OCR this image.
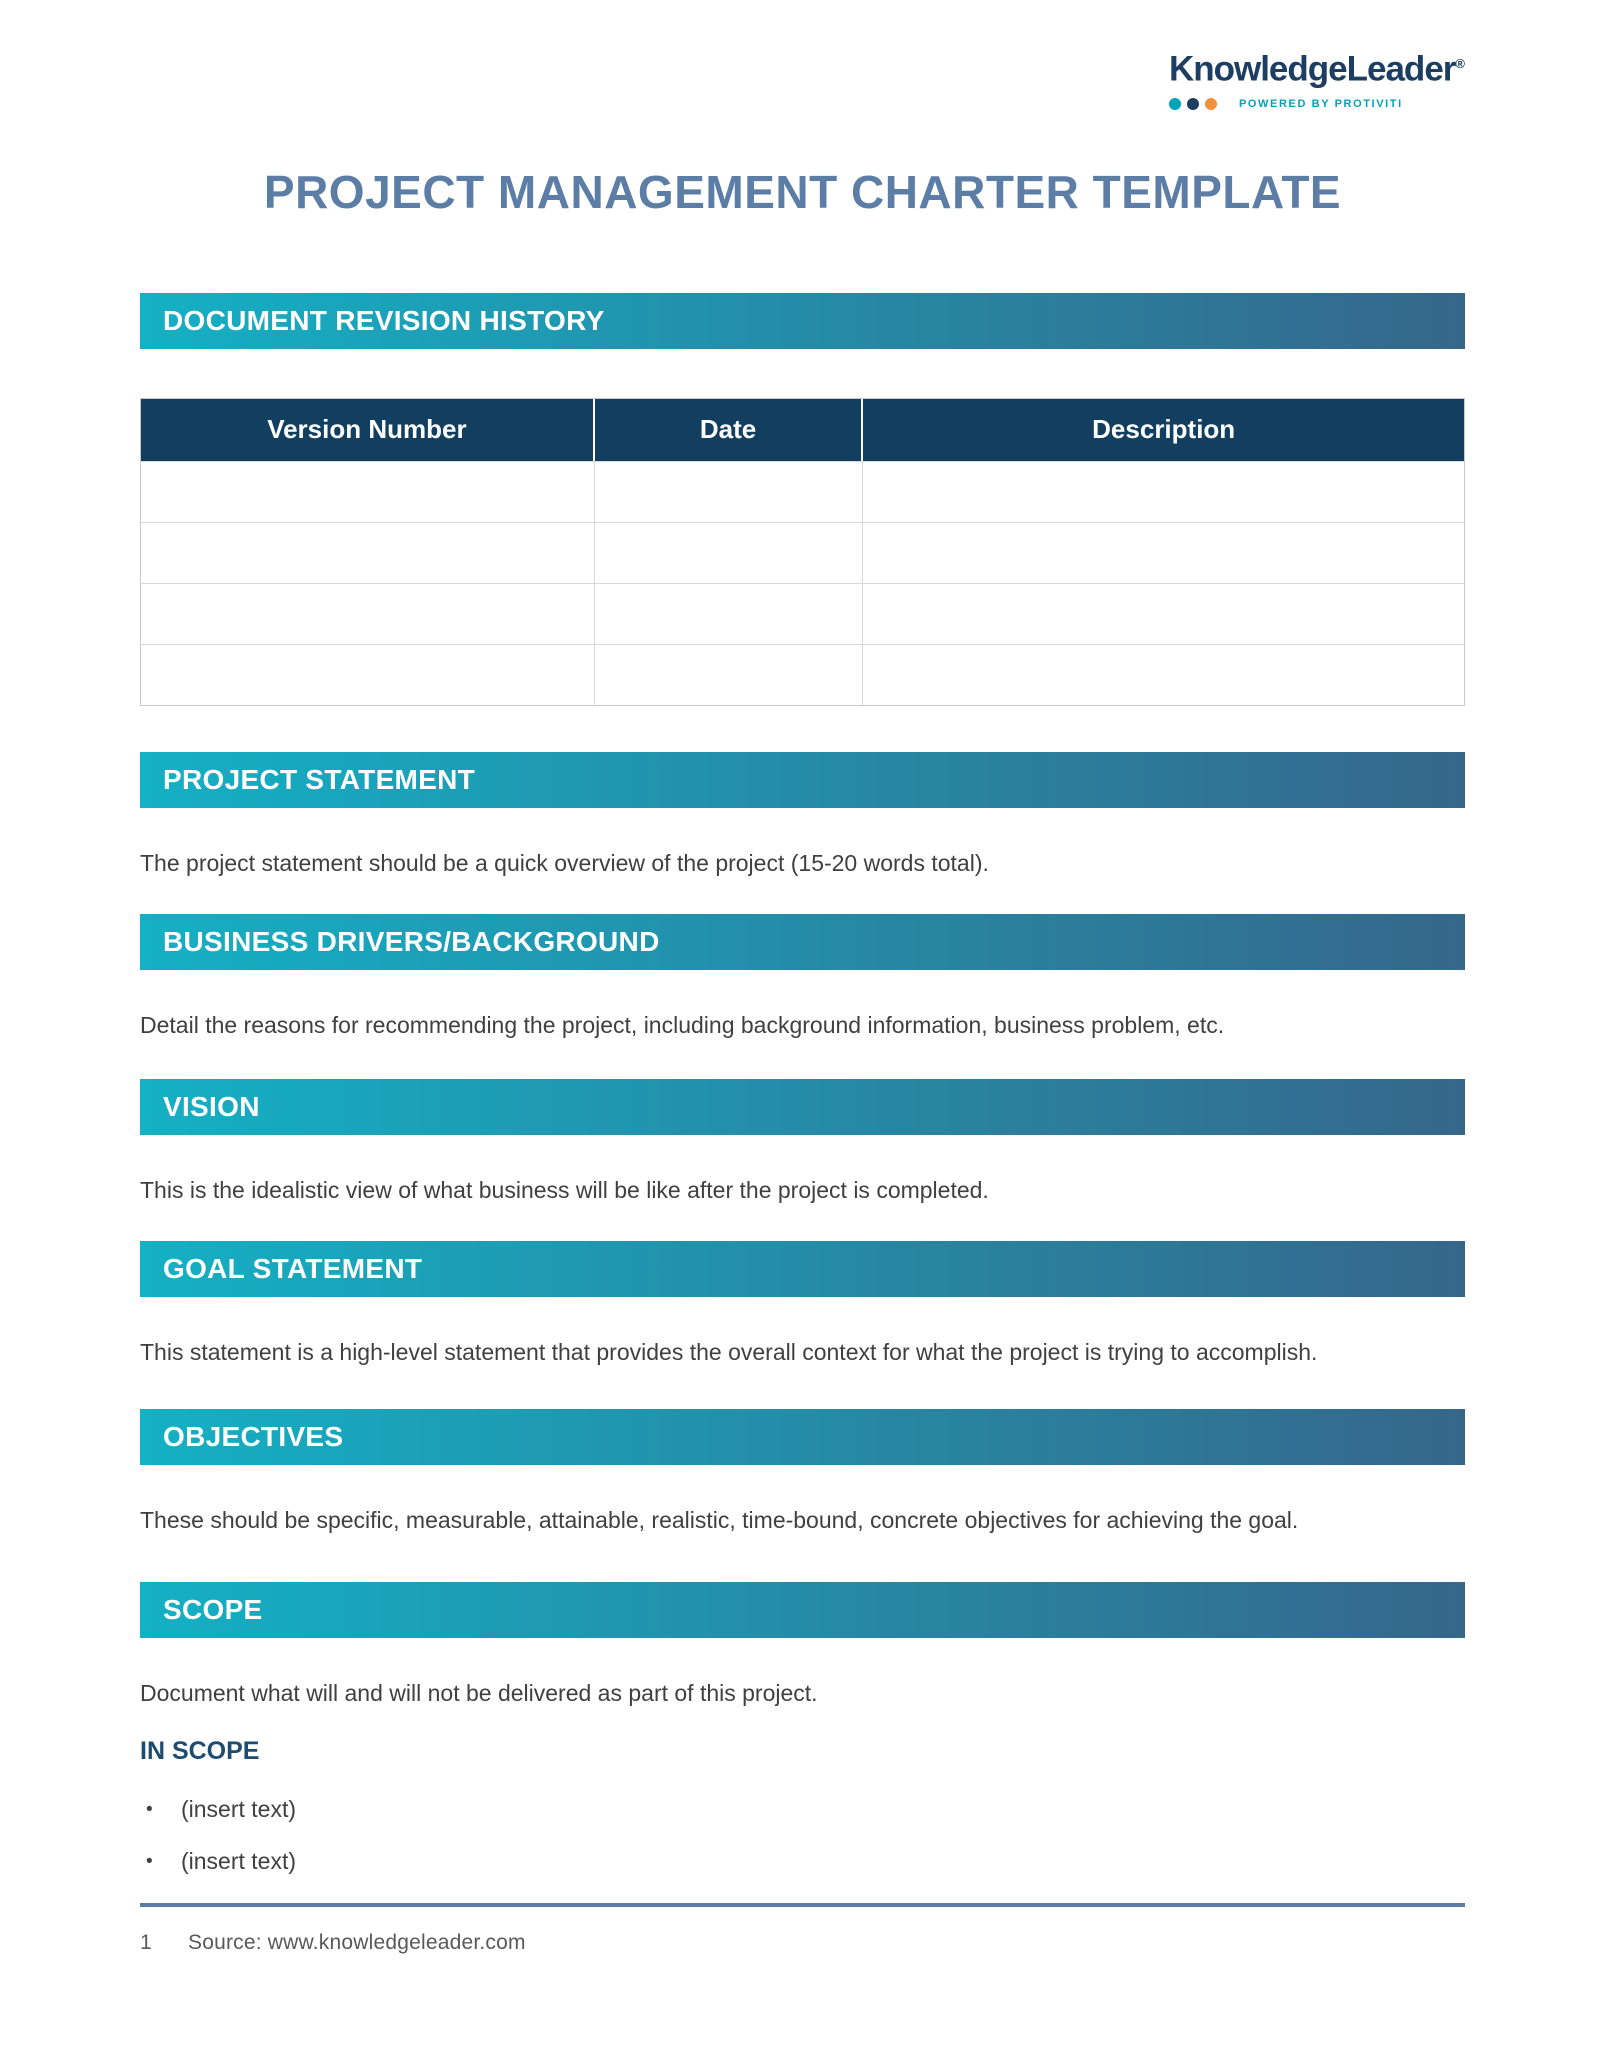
KnowledgeLeader®
POWERED BY PROTIVITI
PROJECT MANAGEMENT CHARTER TEMPLATE
DOCUMENT REVISION HISTORY
Version Number	Date	Description

PROJECT STATEMENT
The project statement should be a quick overview of the project (15-20 words total).
BUSINESS DRIVERS/BACKGROUND
Detail the reasons for recommending the project, including background information, business problem, etc.
VISION
This is the idealistic view of what business will be like after the project is completed.
GOAL STATEMENT
This statement is a high-level statement that provides the overall context for what the project is trying to accomplish.
OBJECTIVES
These should be specific, measurable, attainable, realistic, time-bound, concrete objectives for achieving the goal.
SCOPE
Document what will and will not be delivered as part of this project.
IN SCOPE
•	(insert text)
•	(insert text)
1	Source: www.knowledgeleader.com
